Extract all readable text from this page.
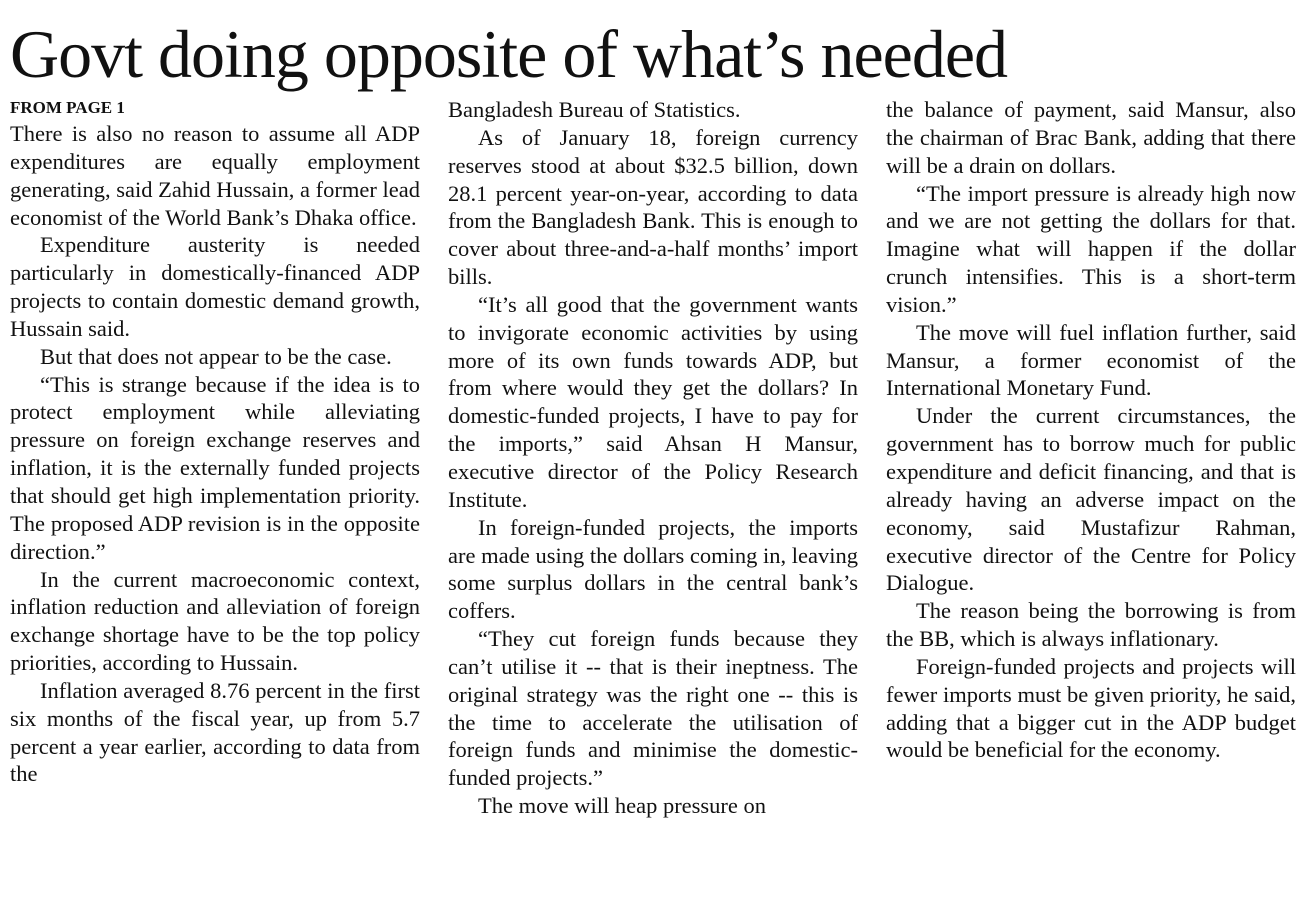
Govt doing opposite of what’s needed
FROM PAGE 1

There is also no reason to assume all ADP expenditures are equally employment generating, said Zahid Hussain, a former lead economist of the World Bank’s Dhaka office.

Expenditure austerity is needed particularly in domestically-financed ADP projects to contain domestic demand growth, Hussain said.

But that does not appear to be the case.

“This is strange because if the idea is to protect employment while alleviating pressure on foreign exchange reserves and inflation, it is the externally funded projects that should get high implementation priority. The proposed ADP revision is in the opposite direction.”

In the current macroeconomic context, inflation reduction and alleviation of foreign exchange shortage have to be the top policy priorities, according to Hussain.

Inflation averaged 8.76 percent in the first six months of the fiscal year, up from 5.7 percent a year earlier, according to data from the

Bangladesh Bureau of Statistics.

As of January 18, foreign currency reserves stood at about $32.5 billion, down 28.1 percent year-on-year, according to data from the Bangladesh Bank. This is enough to cover about three-and-a-half months’ import bills.

“It’s all good that the government wants to invigorate economic activities by using more of its own funds towards ADP, but from where would they get the dollars? In domestic-funded projects, I have to pay for the imports,” said Ahsan H Mansur, executive director of the Policy Research Institute.

In foreign-funded projects, the imports are made using the dollars coming in, leaving some surplus dollars in the central bank’s coffers.

“They cut foreign funds because they can’t utilise it -- that is their ineptness. The original strategy was the right one -- this is the time to accelerate the utilisation of foreign funds and minimise the domestic-funded projects.”

The move will heap pressure on

the balance of payment, said Mansur, also the chairman of Brac Bank, adding that there will be a drain on dollars.

“The import pressure is already high now and we are not getting the dollars for that. Imagine what will happen if the dollar crunch intensifies. This is a short-term vision.”

The move will fuel inflation further, said Mansur, a former economist of the International Monetary Fund.

Under the current circumstances, the government has to borrow much for public expenditure and deficit financing, and that is already having an adverse impact on the economy, said Mustafizur Rahman, executive director of the Centre for Policy Dialogue.

The reason being the borrowing is from the BB, which is always inflationary.

Foreign-funded projects and projects will fewer imports must be given priority, he said, adding that a bigger cut in the ADP budget would be beneficial for the economy.
